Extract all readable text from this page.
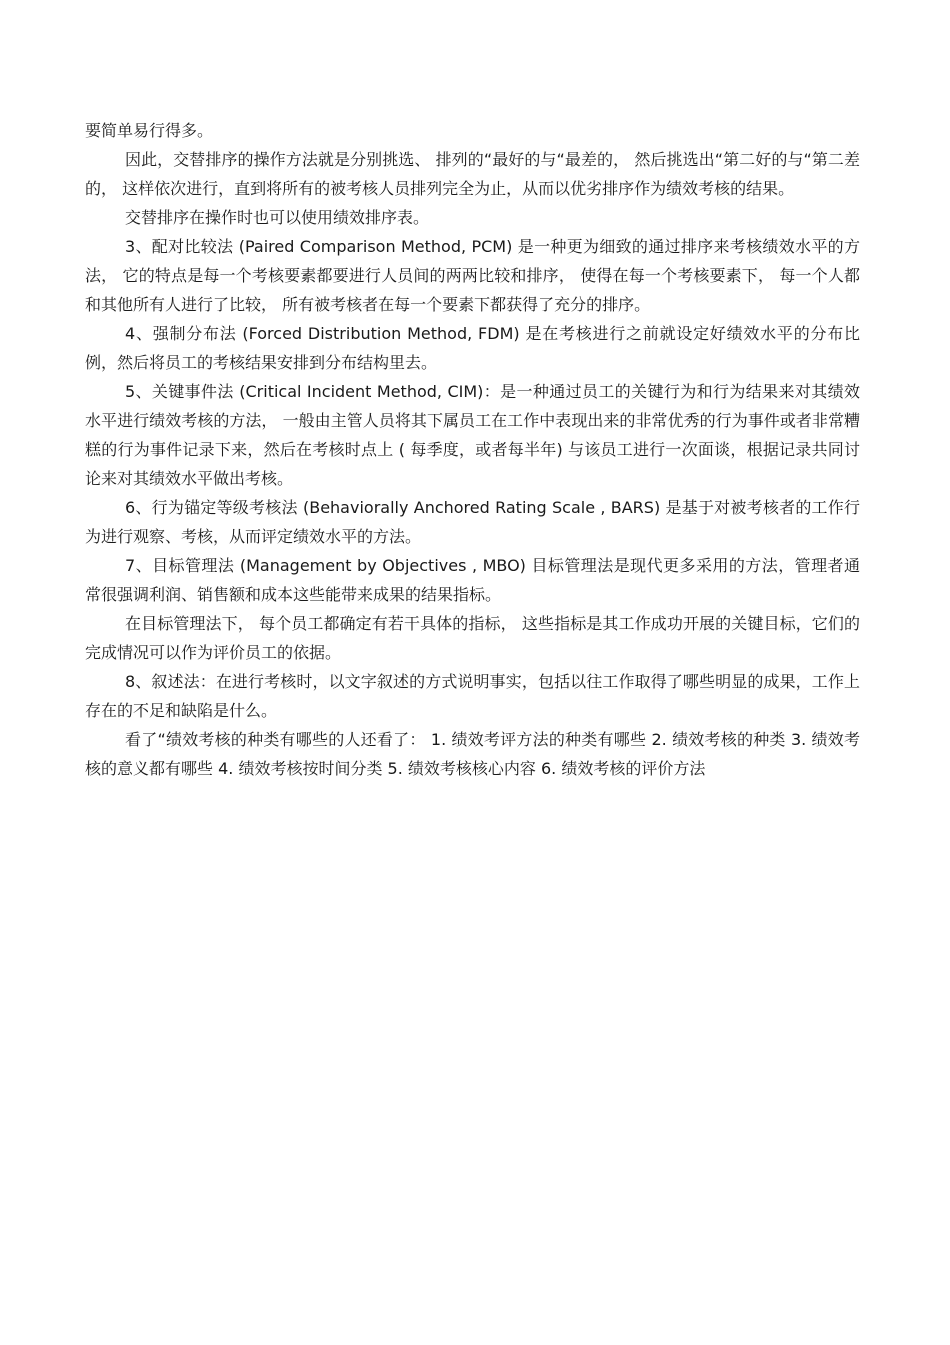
要简单易行得多。

因此，交替排序的操作方法就是分别挑选、 排列的“最好的与“最差的， 然后挑选出“第二好的与“第二差的， 这样依次进行，直到将所有的被考核人员排列完全为止，从而以优劣排序作为绩效考核的结果。

交替排序在操作时也可以使用绩效排序表。

3、配对比较法 (Paired Comparison Method, PCM) 是一种更为细致的通过排序来考核绩效水平的方法， 它的特点是每一个考核要素都要进行人员间的两两比较和排序， 使得在每一个考核要素下， 每一个人都和其他所有人进行了比较， 所有被考核者在每一个要素下都获得了充分的排序。

4、强制分布法 (Forced Distribution Method, FDM) 是在考核进行之前就设定好绩效水平的分布比例，然后将员工的考核结果安排到分布结构里去。

5、关键事件法 (Critical Incident Method, CIM)：是一种通过员工的关键行为和行为结果来对其绩效水平进行绩效考核的方法， 一般由主管人员将其下属员工在工作中表现出来的非常优秀的行为事件或者非常糟糕的行为事件记录下来，然后在考核时点上 ( 每季度，或者每半年) 与该员工进行一次面谈，根据记录共同讨论来对其绩效水平做出考核。

6、行为锚定等级考核法 (Behaviorally Anchored Rating Scale , BARS) 是基于对被考核者的工作行为进行观察、考核，从而评定绩效水平的方法。

7、目标管理法 (Management by Objectives , MBO) 目标管理法是现代更多采用的方法，管理者通常很强调利润、销售额和成本这些能带来成果的结果指标。

在目标管理法下， 每个员工都确定有若干具体的指标， 这些指标是其工作成功开展的关键目标，它们的完成情况可以作为评价员工的依据。

8、叙述法：在进行考核时，以文字叙述的方式说明事实，包括以往工作取得了哪些明显的成果，工作上存在的不足和缺陷是什么。

看了“绩效考核的种类有哪些的人还看了： 1. 绩效考评方法的种类有哪些 2. 绩效考核的种类 3. 绩效考核的意义都有哪些 4. 绩效考核按时间分类 5. 绩效考核核心内容 6. 绩效考核的评价方法
